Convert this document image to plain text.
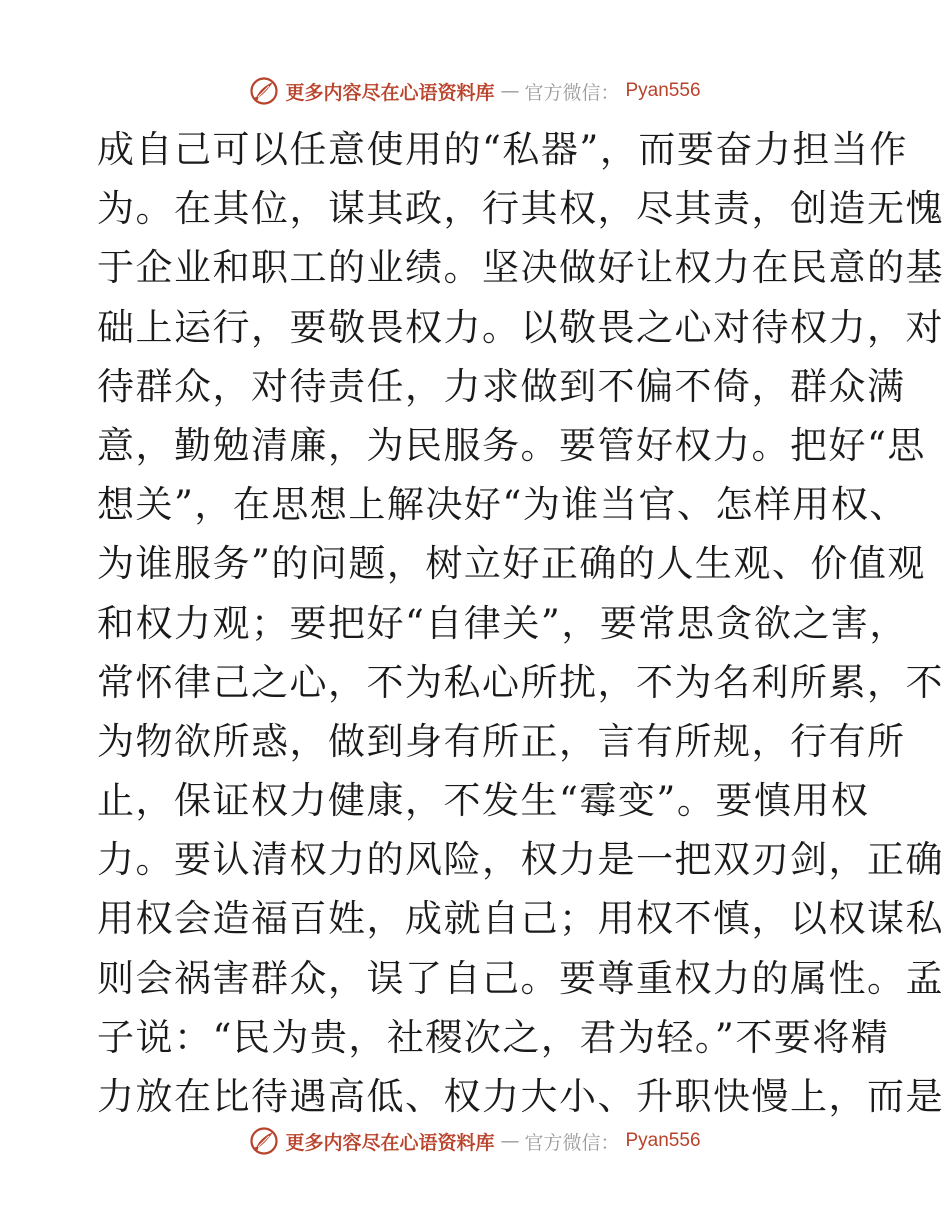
更多内容尽在心语资料库 — 官方微信： Pyan556
成自己可以任意使用的“私器”，而要奋力担当作
为。在其位，谋其政，行其权，尽其责，创造无愧
于企业和职工的业绩。坚决做好让权力在民意的基
础上运行，要敬畏权力。以敬畏之心对待权力，对
待群众，对待责任，力求做到不偏不倚，群众满
意，勤勉清廉，为民服务。要管好权力。把好“思
想关”，在思想上解决好“为谁当官、怎样用权、
为谁服务”的问题，树立好正确的人生观、价值观
和权力观；要把好“自律关”，要常思贪欲之害，
常怀律己之心，不为私心所扰，不为名利所累，不
为物欲所惑，做到身有所正，言有所规，行有所
止，保证权力健康，不发生“霉变”。要慎用权
力。要认清权力的风险，权力是一把双刃剑，正确
用权会造福百姓，成就自己；用权不慎，以权谋私
则会祸害群众，误了自己。要尊重权力的属性。孟
子说：“民为贵，社稷次之，君为轻。”不要将精
力放在比待遇高低、权力大小、升职快慢上，而是
更多内容尽在心语资料库 — 官方微信： Pyan556
